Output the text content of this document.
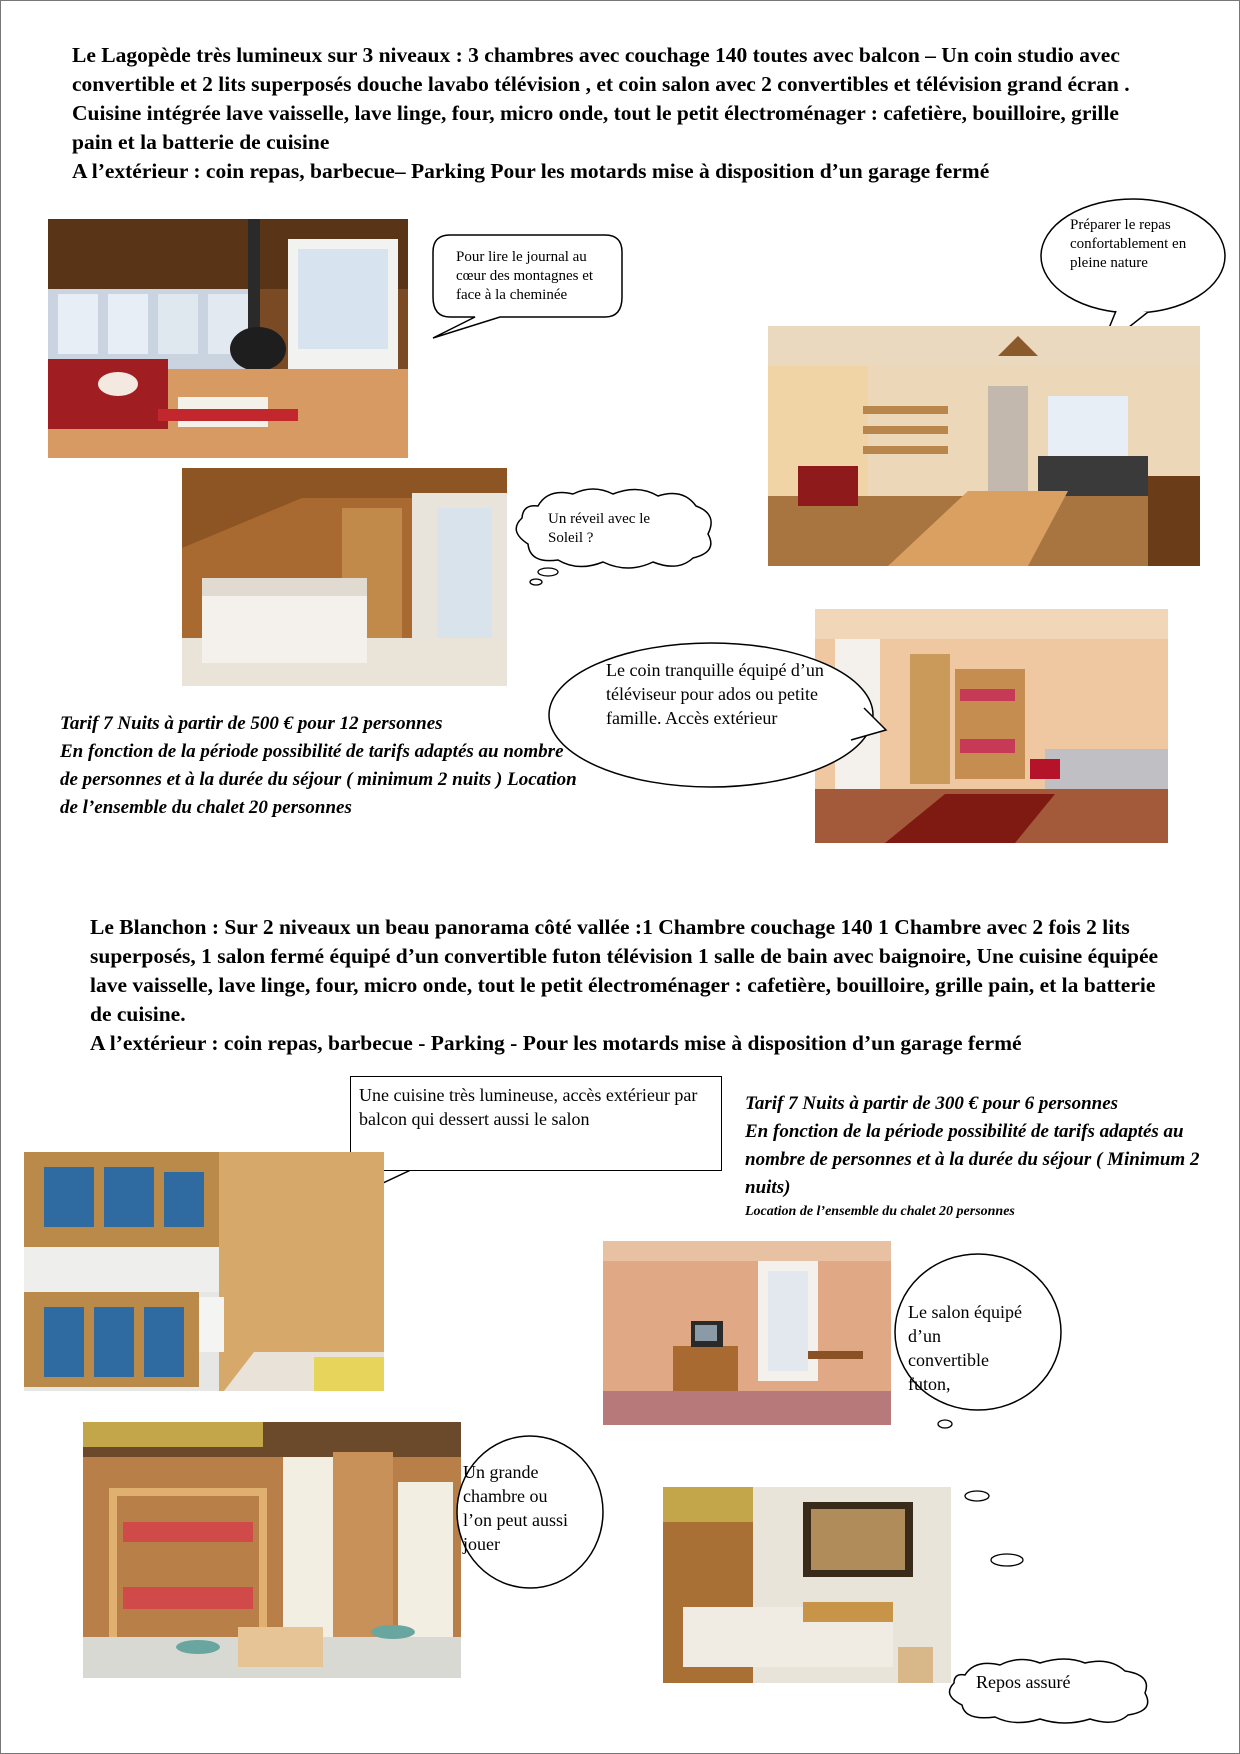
Le Lagopède très lumineux sur 3 niveaux : 3 chambres avec couchage 140 toutes avec balcon – Un coin studio avec convertible et 2 lits superposés douche lavabo télévision , et coin salon avec 2 convertibles et télévision grand écran . Cuisine intégrée lave vaisselle, lave linge, four, micro onde, tout le petit électroménager : cafetière, bouilloire, grille pain et la batterie de cuisine

A l’extérieur : coin repas, barbecue– Parking Pour les motards mise à disposition d’un garage fermé

Pour lire le journal au cœur des montagnes et face à la cheminée
Préparer le repas confortablement en pleine nature
Un réveil avec le Soleil ?
Le coin tranquille équipé d’un téléviseur pour ados ou petite famille. Accès extérieur

Tarif 7 Nuits à partir de 500 € pour 12 personnes

En fonction de la période possibilité de tarifs adaptés au nombre de personnes et à la durée du séjour ( minimum 2 nuits ) Location de l’ensemble du chalet 20 personnes

Le Blanchon : Sur 2 niveaux un beau panorama côté vallée :1 Chambre couchage 140 1 Chambre avec 2 fois 2 lits superposés, 1 salon fermé équipé d’un convertible futon télévision 1 salle de bain avec baignoire, Une cuisine équipée lave vaisselle, lave linge, four, micro onde, tout le petit électroménager : cafetière, bouilloire, grille pain, et la batterie de cuisine.

A l’extérieur : coin repas, barbecue - Parking - Pour les motards mise à disposition d’un garage fermé

Une cuisine très lumineuse, accès extérieur par balcon qui dessert aussi le salon

Tarif 7 Nuits à partir de 300 € pour 6 personnes

En fonction de la période possibilité de tarifs adaptés au nombre de personnes et à la durée du séjour ( Minimum 2 nuits)

Location de l’ensemble du chalet 20 personnes

Le salon équipé d’un convertible futon,
Un grande chambre ou l’on peut aussi jouer
Repos assuré
